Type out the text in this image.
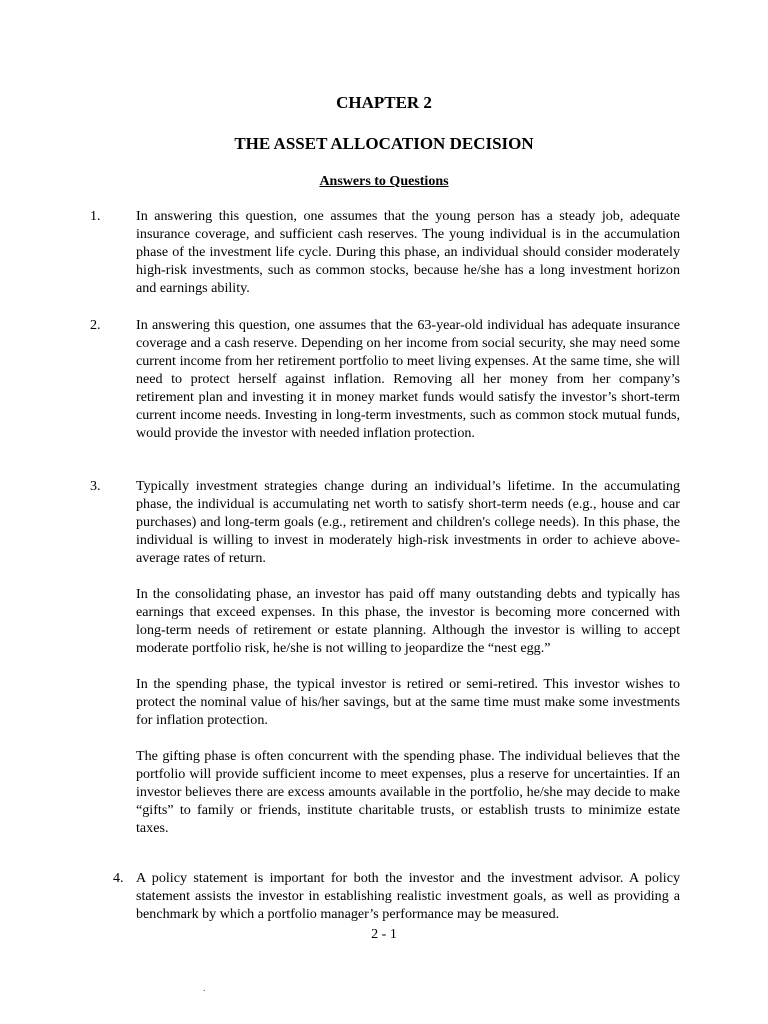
CHAPTER 2
THE ASSET ALLOCATION DECISION
Answers to Questions
1.	In answering this question, one assumes that the young person has a steady job, adequate insurance coverage, and sufficient cash reserves. The young individual is in the accumulation phase of the investment life cycle. During this phase, an individual should consider moderately high-risk investments, such as common stocks, because he/she has a long investment horizon and earnings ability.

2.	In answering this question, one assumes that the 63-year-old individual has adequate insurance coverage and a cash reserve. Depending on her income from social security, she may need some current income from her retirement portfolio to meet living expenses. At the same time, she will need to protect herself against inflation. Removing all her money from her company’s retirement plan and investing it in money market funds would satisfy the investor’s short-term current income needs. Investing in long-term investments, such as common stock mutual funds, would provide the investor with needed inflation protection.

3.	Typically investment strategies change during an individual’s lifetime. In the accumulating phase, the individual is accumulating net worth to satisfy short-term needs (e.g., house and car purchases) and long-term goals (e.g., retirement and children's college needs). In this phase, the individual is willing to invest in moderately high-risk investments in order to achieve above-average rates of return.

In the consolidating phase, an investor has paid off many outstanding debts and typically has earnings that exceed expenses. In this phase, the investor is becoming more concerned with long-term needs of retirement or estate planning. Although the investor is willing to accept moderate portfolio risk, he/she is not willing to jeopardize the “nest egg.”

In the spending phase, the typical investor is retired or semi-retired. This investor wishes to protect the nominal value of his/her savings, but at the same time must make some investments for inflation protection.

The gifting phase is often concurrent with the spending phase. The individual believes that the portfolio will provide sufficient income to meet expenses, plus a reserve for uncertainties. If an investor believes there are excess amounts available in the portfolio, he/she may decide to make “gifts” to family or friends, institute charitable trusts, or establish trusts to minimize estate taxes.

4. A policy statement is important for both the investor and the investment advisor. A policy statement assists the investor in establishing realistic investment goals, as well as providing a benchmark by which a portfolio manager’s performance may be measured.

2 - 1
.
